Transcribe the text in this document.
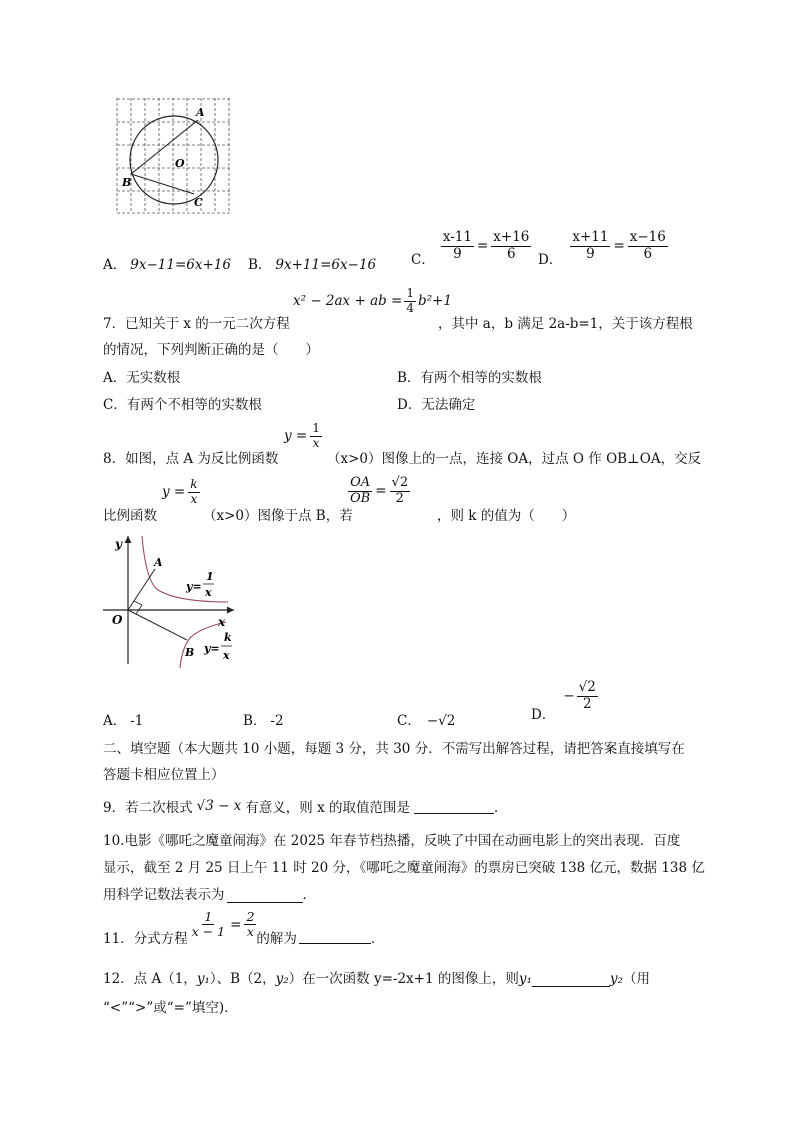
A
O
B
C
A． 9x−11=6x+16 B． 9x+11=6x−16	C． $\frac{x-11}{9} = \frac{x+16}{6}$ D． $\frac{x+11}{9} = \frac{x-16}{6}$
x² − 2ax + ab = $\frac{1}{4} b^2+1$
7．已知关于 x 的一元二次方程	，其中 a，b 满足 2a-b=1，关于该方程根
的情况，下列判断正确的是（　　）
A．无实数根	B．有两个相等的实数根
C．有两个不相等的实数根	D．无法确定
8．如图，点 A 为反比例函数
$y = \frac{1}{x}$
（x>0）图像上的一点，连接 OA，过点 O 作 OB⊥OA，交反
比例函数
$y = \frac{k}{x}$
（x>0）图像于点 B，若
$\frac{OA}{OB} = \frac{√2}{2}$
，则 k 的值为（　　）
y
x
O
A
B
y=
1
x
y=
k
x
A． -1	B． -2	C． −√2	D．
− $\frac{√2}{2}$
二、填空题（本大题共 10 小题，每题 3 分，共 30 分．不需写出解答过程，请把答案直接填写在
答题卡相应位置上）
9．若二次根式 √3 − x 有意义，则 x 的取值范围是	．
10.电影《哪吒之魔童闹海》在 2025 年春节档热播，反映了中国在动画电影上的突出表现．百度
显示，截至 2 月 25 日上午 11 时 20 分，《哪吒之魔童闹海》的票房已突破 138 亿元，数据 138 亿
用科学记数法表示为	．
11．分式方程 $\frac{1}{x - 1} = \frac{2}{x}$ 的解为	．
12．点 A（1， y₁ ）、B（2， y₂ ）在一次函数 y=-2x+1 的图像上，则 y₁	y₂ （用
“<”“>”或“=”填空)．
